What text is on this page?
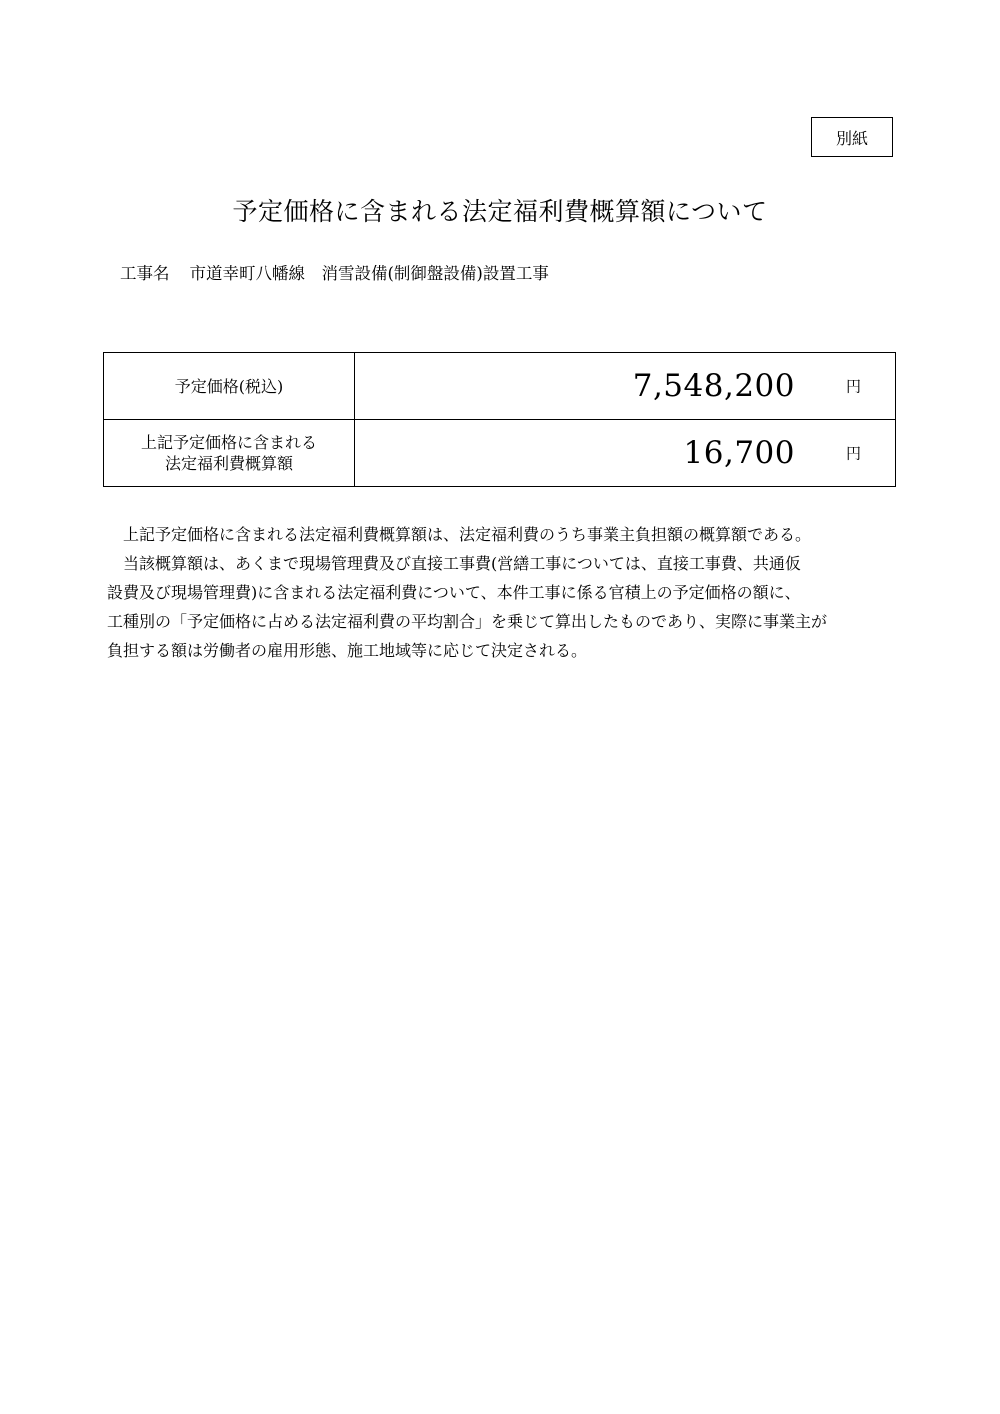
別紙
予定価格に含まれる法定福利費概算額について
工事名 市道幸町八幡線　消雪設備(制御盤設備)設置工事
予定価格(税込)	7,548,200 円

上記予定価格に含まれる
法定福利費概算額	16,700 円

　上記予定価格に含まれる法定福利費概算額は、法定福利費のうち事業主負担額の概算額である。

　当該概算額は、あくまで現場管理費及び直接工事費(営繕工事については、直接工事費、共通仮
設費及び現場管理費)に含まれる法定福利費について、本件工事に係る官積上の予定価格の額に、
工種別の「予定価格に占める法定福利費の平均割合」を乗じて算出したものであり、実際に事業主が
負担する額は労働者の雇用形態、施工地域等に応じて決定される。
